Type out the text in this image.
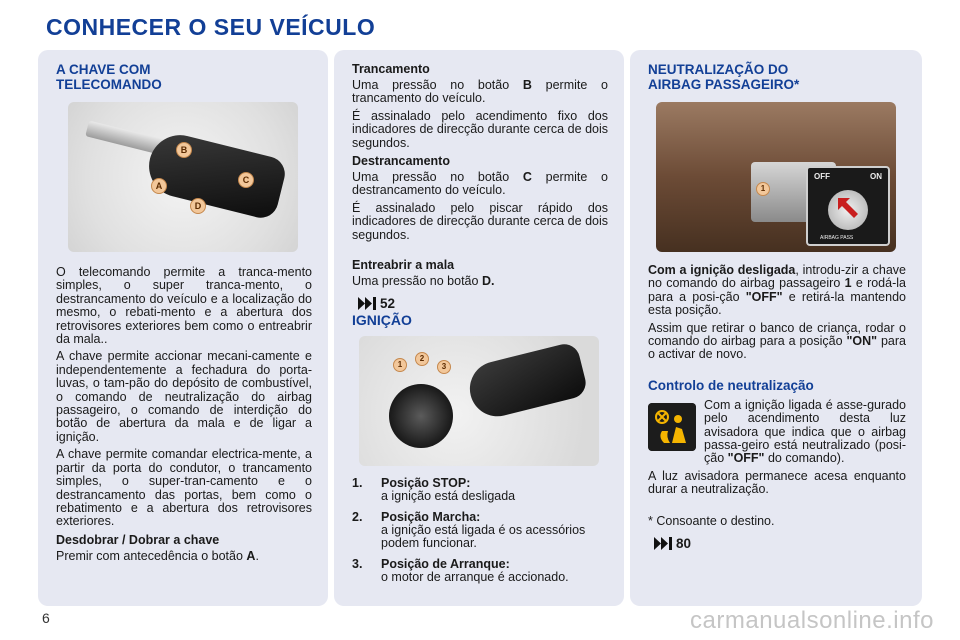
CONHECER O SEU VEÍCULO
A CHAVE COM
TELECOMANDO
B
A
C
D

O telecomando permite a tranca-mento simples, o super tranca-mento, o destrancamento do veículo e a localização do mesmo, o rebati-mento e a abertura dos retrovisores exteriores bem como o entreabrir da mala..

A chave permite accionar mecani-camente e independentemente a fechadura do porta-luvas, o tam-pão do depósito de combustível, o comando de neutralização do airbag passageiro, o comando de interdição do botão de abertura da mala e de ligar a ignição.

A chave permite comandar electrica-mente, a partir da porta do condutor, o trancamento simples, o super-tran-camento e o destrancamento das portas, bem como o rebatimento e a abertura dos retrovisores exteriores.

Desdobrar / Dobrar a chave

Premir com antecedência o botão A.

Trancamento

Uma pressão no botão B permite o trancamento do veículo.

É assinalado pelo acendimento fixo dos indicadores de direcção durante cerca de dois segundos.

Destrancamento

Uma pressão no botão C permite o destrancamento do veículo.

É assinalado pelo piscar rápido dos indicadores de direcção durante cerca de dois segundos.

Entreabrir a mala

Uma pressão no botão D.

52
IGNIÇÃO
1
2
3
1.	Posição STOP:
a ignição está desligada
2.	Posição Marcha:
a ignição está ligada é os acessórios podem funcionar.
3.	Posição de Arranque:
o motor de arranque é accionado.
NEUTRALIZAÇÃO DO
AIRBAG PASSAGEIRO*
1
OFF	ON
AIRBAG PASS

Com a ignição desligada, introdu-zir a chave no comando do airbag passageiro 1 e rodá-la para a posi-ção "OFF" e retirá-la mantendo esta posição.

Assim que retirar o banco de criança, rodar o comando do airbag para a posição "ON" para o activar de novo.

Controlo de neutralização

Com a ignição ligada é asse-gurado pelo acendimento desta luz avisadora que indica que o airbag passa-geiro está neutralizado (posi-ção "OFF" do comando).

A luz avisadora permanece acesa enquanto durar a neutralização.

* Consoante o destino.

80
6	carmanualsonline.info
